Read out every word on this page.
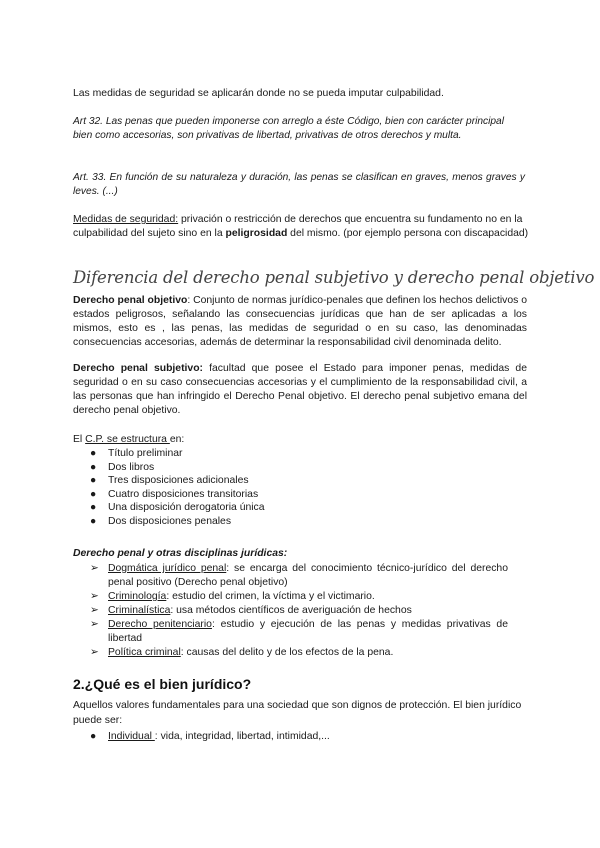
Las medidas de seguridad se aplicarán donde no se pueda imputar culpabilidad.
Art 32. Las penas que pueden imponerse con arreglo a éste Código, bien con carácter principal bien como accesorias, son privativas de libertad, privativas de otros derechos y multa.
Art. 33. En función de su naturaleza y duración, las penas se clasifican en graves, menos graves y leves. (...)
Medidas de seguridad: privación o restricción de derechos que encuentra su fundamento no en la culpabilidad del sujeto sino en la peligrosidad del mismo. (por ejemplo persona con discapacidad)
Diferencia del derecho penal subjetivo y derecho penal objetivo
Derecho penal objetivo: Conjunto de normas jurídico-penales que definen los hechos delictivos o estados peligrosos, señalando las consecuencias jurídicas que han de ser aplicadas a los mismos, esto es , las penas, las medidas de seguridad o en su caso, las denominadas consecuencias accesorias, además de determinar la responsabilidad civil denominada delito.
Derecho penal subjetivo: facultad que posee el Estado para imponer penas, medidas de seguridad o en su caso consecuencias accesorias y el cumplimiento de la responsabilidad civil, a las personas que han infringido el Derecho Penal objetivo. El derecho penal subjetivo emana del derecho penal objetivo.
El C.P. se estructura en:
● Título preliminar
● Dos libros
● Tres disposiciones adicionales
● Cuatro disposiciones transitorias
● Una disposición derogatoria única
● Dos disposiciones penales
Derecho penal y otras disciplinas jurídicas:
➢ Dogmática jurídico penal: se encarga del conocimiento técnico-jurídico del derecho penal positivo (Derecho penal objetivo)
➢ Criminología: estudio del crimen, la víctima y el victimario.
➢ Criminalística: usa métodos científicos de averiguación de hechos
➢ Derecho penitenciario: estudio y ejecución de las penas y medidas privativas de libertad
➢ Política criminal: causas del delito y de los efectos de la pena.
2.¿Qué es el bien jurídico?
Aquellos valores fundamentales para una sociedad que son dignos de protección. El bien jurídico puede ser:
● Individual : vida, integridad, libertad, intimidad,...
